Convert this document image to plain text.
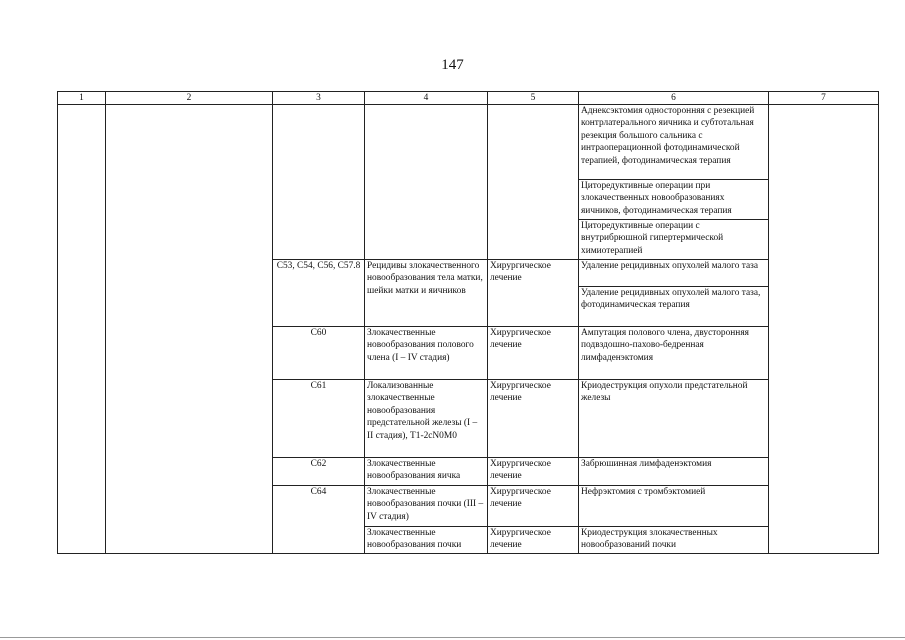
147
1	2	3	4	5	6	7
					Аднексэктомия односторонняя с резекцией контрлатерального яичника и субтотальная резекция большого сальника с интраоперационной фотодинамической терапией, фотодинамическая терапия	
					Циторедуктивные операции при злокачественных новообразованиях яичников, фотодинамическая терапия	
					Циторедуктивные операции с внутрибрюшной гипертермической химиотерапией	
		C53, C54, C56, C57.8	Рецидивы злокачественного новообразования тела матки, шейки матки и яичников	Хирургическое лечение	Удаление рецидивных опухолей малого таза	
					Удаление рецидивных опухолей малого таза, фотодинамическая терапия	
		C60	Злокачественные новообразования полового члена (I – IV стадия)	Хирургическое лечение	Ампутация полового члена, двусторонняя подвздошно-пахово-бедренная лимфаденэктомия	
		C61	Локализованные злокачественные новообразования предстательной железы (I – II стадия), T1-2cN0M0	Хирургическое лечение	Криодеструкция опухоли предстательной железы	
		C62	Злокачественные новообразования яичка	Хирургическое лечение	Забрюшинная лимфаденэктомия	
		C64	Злокачественные новообразования почки (III – IV стадия)	Хирургическое лечение	Нефрэктомия с тромбэктомией	
			Злокачественные новообразования почки	Хирургическое лечение	Криодеструкция злокачественных новообразований почки	
